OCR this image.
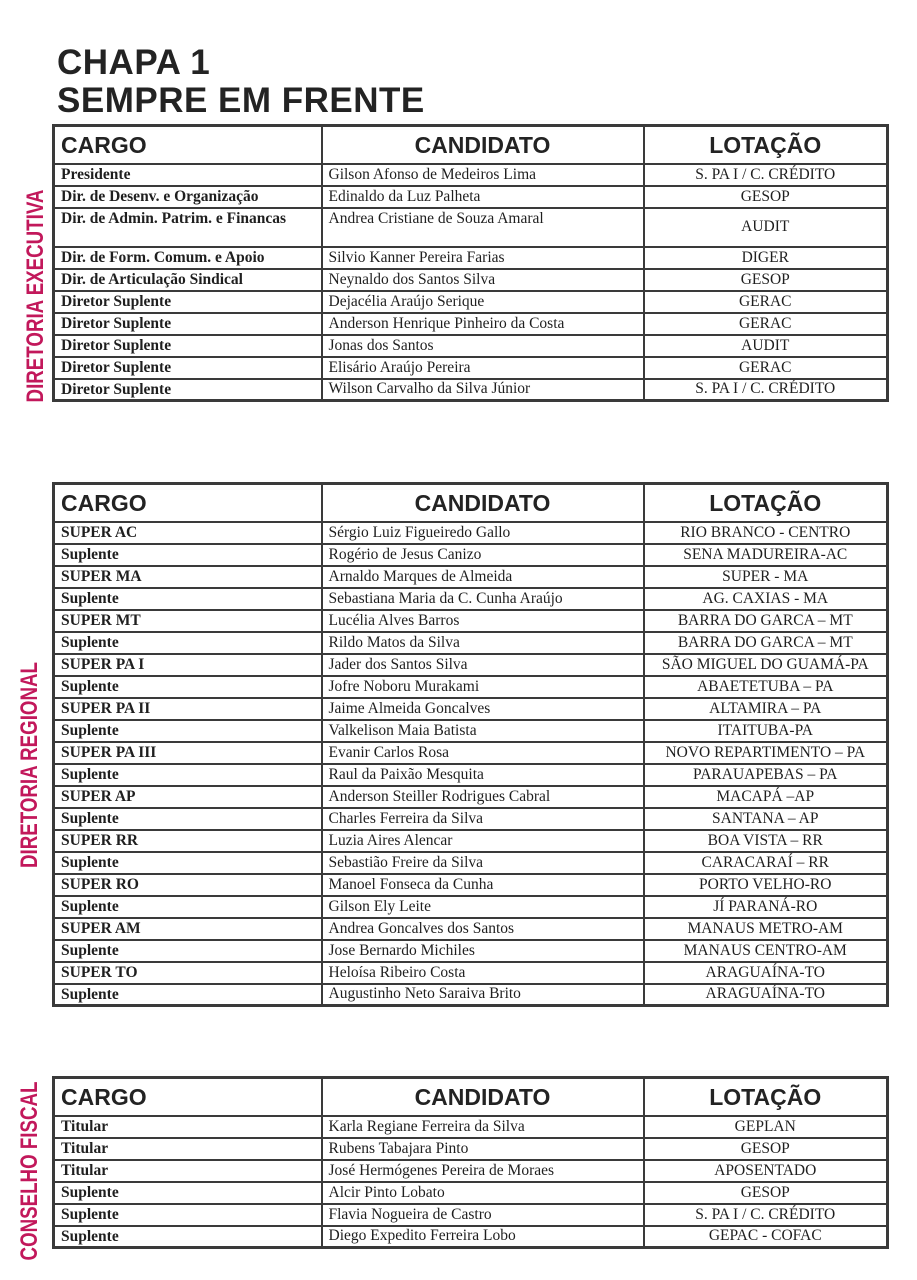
CHAPA 1
SEMPRE EM FRENTE
DIRETORIA EXECUTIVA
DIRETORIA REGIONAL
CONSELHO FISCAL
CARGO	CANDIDATO	LOTAÇÃO
Presidente	Gilson Afonso de Medeiros Lima	S. PA I / C. CRÉDITO
Dir. de Desenv. e Organização	Edinaldo da Luz Palheta	GESOP
Dir. de Admin. Patrim. e Financas	Andrea Cristiane de Souza Amaral	AUDIT
Dir. de Form. Comum. e Apoio	Silvio Kanner Pereira Farias	DIGER
Dir. de Articulação Sindical	Neynaldo dos Santos Silva	GESOP
Diretor Suplente	Dejacélia Araújo Serique	GERAC
Diretor Suplente	Anderson Henrique Pinheiro da Costa	GERAC
Diretor Suplente	Jonas dos Santos	AUDIT
Diretor Suplente	Elisário Araújo Pereira	GERAC
Diretor Suplente	Wilson Carvalho da Silva Júnior	S. PA I / C. CRÉDITO
CARGO	CANDIDATO	LOTAÇÃO
SUPER AC	Sérgio Luiz Figueiredo Gallo	RIO BRANCO - CENTRO
Suplente	Rogério de Jesus Canizo	SENA MADUREIRA-AC
SUPER MA	Arnaldo Marques de Almeida	SUPER - MA
Suplente	Sebastiana Maria da C. Cunha Araújo	AG. CAXIAS - MA
SUPER MT	Lucélia Alves Barros	BARRA DO GARCA – MT
Suplente	Rildo Matos da Silva	BARRA DO GARCA – MT
SUPER PA I	Jader dos Santos Silva	SÃO MIGUEL DO GUAMÁ-PA
Suplente	Jofre Noboru Murakami	ABAETETUBA – PA
SUPER PA II	Jaime Almeida Goncalves	ALTAMIRA – PA
Suplente	Valkelison Maia Batista	ITAITUBA-PA
SUPER PA III	Evanir Carlos Rosa	NOVO REPARTIMENTO – PA
Suplente	Raul da Paixão Mesquita	PARAUAPEBAS – PA
SUPER AP	Anderson Steiller Rodrigues Cabral	MACAPÁ –AP
Suplente	Charles Ferreira da Silva	SANTANA – AP
SUPER RR	Luzia Aires Alencar	BOA VISTA – RR
Suplente	Sebastião Freire da Silva	CARACARAÍ – RR
SUPER RO	Manoel Fonseca da Cunha	PORTO VELHO-RO
Suplente	Gilson Ely Leite	JÍ PARANÁ-RO
SUPER AM	Andrea Goncalves dos Santos	MANAUS METRO-AM
Suplente	Jose Bernardo Michiles	MANAUS CENTRO-AM
SUPER TO	Heloísa Ribeiro Costa	ARAGUAÍNA-TO
Suplente	Augustinho Neto Saraiva Brito	ARAGUAÍNA-TO
CARGO	CANDIDATO	LOTAÇÃO
Titular	Karla Regiane Ferreira da Silva	GEPLAN
Titular	Rubens Tabajara Pinto	GESOP
Titular	José Hermógenes Pereira de Moraes	APOSENTADO
Suplente	Alcir Pinto Lobato	GESOP
Suplente	Flavia Nogueira de Castro	S. PA I / C. CRÉDITO
Suplente	Diego Expedito Ferreira Lobo	GEPAC - COFAC
